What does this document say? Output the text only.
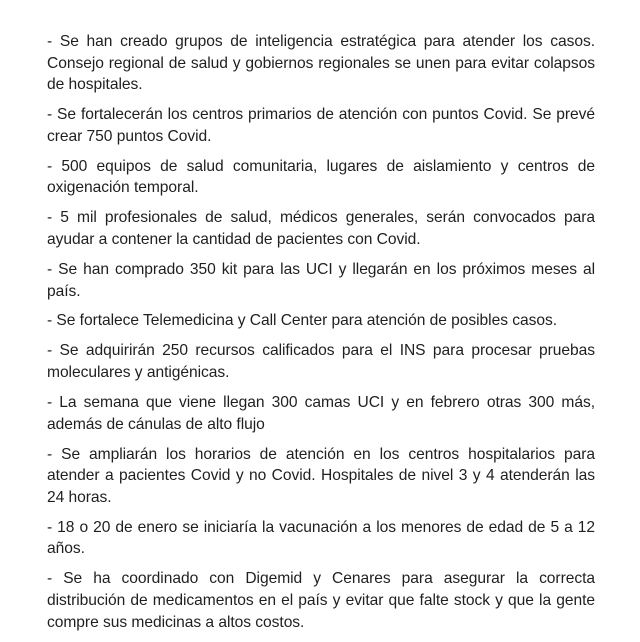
- Se han creado grupos de inteligencia estratégica para atender los casos. Consejo regional de salud y gobiernos regionales se unen para evitar colapsos de hospitales.

- Se fortalecerán los centros primarios de atención con puntos Covid. Se prevé crear 750 puntos Covid.

- 500 equipos de salud comunitaria, lugares de aislamiento y centros de oxigenación temporal.

- 5 mil profesionales de salud, médicos generales, serán convocados para ayudar a contener la cantidad de pacientes con Covid.

- Se han comprado 350 kit para las UCI y llegarán en los próximos meses al país.

- Se fortalece Telemedicina y Call Center para atención de posibles casos.

- Se adquirirán 250 recursos calificados para el INS para procesar pruebas moleculares y antigénicas.

- La semana que viene llegan 300 camas UCI y en febrero otras 300 más, además de cánulas de alto flujo

- Se ampliarán los horarios de atención en los centros hospitalarios para atender a pacientes Covid y no Covid. Hospitales de nivel 3 y 4 atenderán las 24 horas.

- 18 o 20 de enero se iniciaría la vacunación a los menores de edad de 5 a 12 años.

- Se ha coordinado con Digemid y Cenares para asegurar la correcta distribución de medicamentos en el país y evitar que falte stock y que la gente compre sus medicinas a altos costos.
